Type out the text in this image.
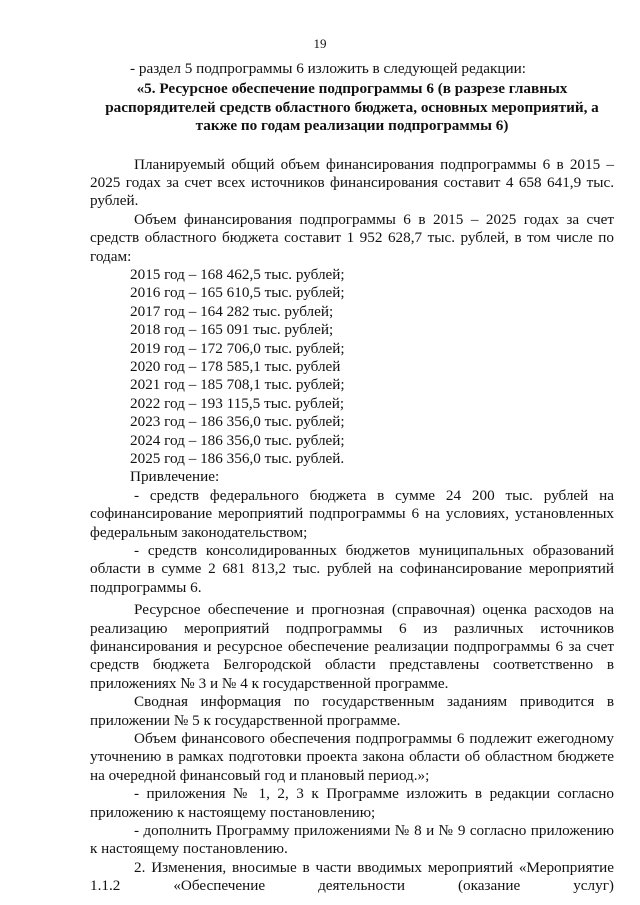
19

- раздел 5 подпрограммы 6 изложить в следующей редакции:

«5. Ресурсное обеспечение подпрограммы 6 (в разрезе главных распорядителей средств областного бюджета, основных мероприятий, а также по годам реализации подпрограммы 6)

Планируемый общий объем финансирования подпрограммы 6 в 2015 – 2025 годах за счет всех источников финансирования составит 4 658 641,9 тыс. рублей.

Объем финансирования подпрограммы 6 в 2015 – 2025 годах за счет средств областного бюджета составит 1 952 628,7 тыс. рублей, в том числе по годам:

2015 год – 168 462,5 тыс. рублей;
2016 год – 165 610,5 тыс. рублей;
2017 год – 164 282 тыс. рублей;
2018 год – 165 091 тыс. рублей;
2019 год – 172 706,0 тыс. рублей;
2020 год – 178 585,1 тыс. рублей
2021 год – 185 708,1 тыс. рублей;
2022 год – 193 115,5 тыс. рублей;
2023 год – 186 356,0 тыс. рублей;
2024 год – 186 356,0 тыс. рублей;
2025 год – 186 356,0 тыс. рублей.

Привлечение:

- средств федерального бюджета в сумме 24 200 тыс. рублей на софинансирование мероприятий подпрограммы 6 на условиях, установленных федеральным законодательством;

- средств консолидированных бюджетов муниципальных образований области в сумме 2 681 813,2 тыс. рублей на софинансирование мероприятий подпрограммы 6.

Ресурсное обеспечение и прогнозная (справочная) оценка расходов на реализацию мероприятий подпрограммы 6 из различных источников финансирования и ресурсное обеспечение реализации подпрограммы 6 за счет средств бюджета Белгородской области представлены соответственно в приложениях № 3 и № 4 к государственной программе.

Сводная информация по государственным заданиям приводится в приложении № 5 к государственной программе.

Объем финансового обеспечения подпрограммы 6 подлежит ежегодному уточнению в рамках подготовки проекта закона области об областном бюджете на очередной финансовый год и плановый период.»;

- приложения № 1, 2, 3 к Программе изложить в редакции согласно приложению к настоящему постановлению;

- дополнить Программу приложениями № 8 и № 9 согласно приложению к настоящему постановлению.

2. Изменения, вносимые в части вводимых мероприятий «Мероприятие 1.1.2 «Обеспечение деятельности (оказание услуг)
